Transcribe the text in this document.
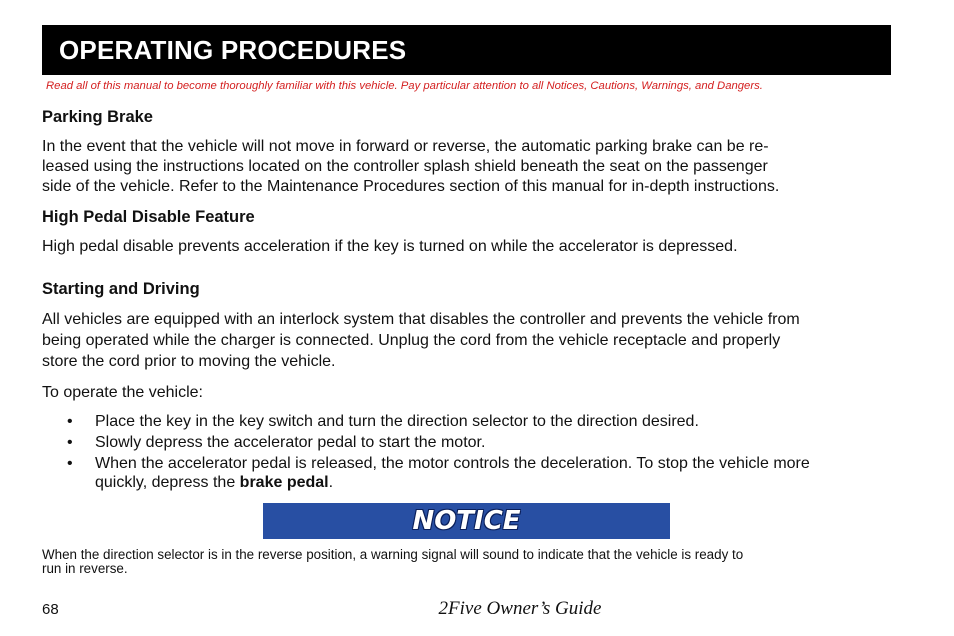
OPERATING PROCEDURES
Read all of this manual to become thoroughly familiar with this vehicle. Pay particular attention to all Notices, Cautions, Warnings, and Dangers.
Parking Brake
In the event that the vehicle will not move in forward or reverse, the automatic parking brake can be re-
leased using the instructions located on the controller splash shield beneath the seat on the passenger
side of the vehicle. Refer to the Maintenance Procedures section of this manual for in-depth instructions.
High Pedal Disable Feature
High pedal disable prevents acceleration if the key is turned on while the accelerator is depressed.
Starting and Driving
All vehicles are equipped with an interlock system that disables the controller and prevents the vehicle from
being operated while the charger is connected. Unplug the cord from the vehicle receptacle and properly
store the cord prior to moving the vehicle.
To operate the vehicle:
• Place the key in the key switch and turn the direction selector to the direction desired.
• Slowly depress the accelerator pedal to start the motor.
• When the accelerator pedal is released, the motor controls the deceleration. To stop the vehicle more
quickly, depress the brake pedal.
NOTICE
When the direction selector is in the reverse position, a warning signal will sound to indicate that the vehicle is ready to
run in reverse.
68	2Five Owner’s Guide
